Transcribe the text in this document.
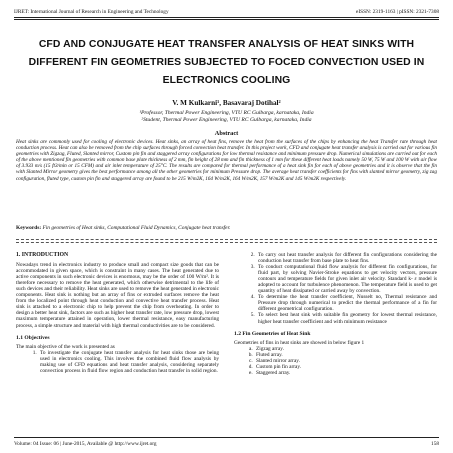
IJRET: International Journal of Research in Engineering and Technology	eISSN: 2319-1163 | pISSN: 2321-7308
CFD AND CONJUGATE HEAT TRANSFER ANALYSIS OF HEAT SINKS WITH DIFFERENT FIN GEOMETRIES SUBJECTED TO FOCED CONVECTION USED IN ELECTRONICS COOLING
V. M Kulkarni¹, Basavaraj Dotihal²
¹Professor, Thermal Power Engineering, VTU RC Gulbarga, karnataka, India
²Student, Thermal Power Engineering, VTU RC Gulbarga, karnataka, India
Abstract
Heat sinks are commonly used for cooling of electronic devices. Heat sinks, an array of heat fins, remove the heat from the surfaces of the chips by enhancing the heat Transfer rate through heat conduction process. Heat can also be removed from the chip surfaces through forced convection heat transfer. In this project work, CFD and conjugate heat transfer analysis is carried out for various fin geometries with Zigzag, Fluted, Slanted mirror, Custom pin fin and staggered array configurations for low thermal resistance and minimum pressure drop. Numerical simulations are carried out for each of the above mentioned fin geometries with common base plate thickness of 2 mm, fin height of 28 mm and fin thickness of 1 mm for these different heat loads namely 50 W, 75 W and 100 W with air flow of 3.933 m/s (15 ft3/min or 15 CFM) and air inlet temperature of 25°C. The results are compared for thermal performance of a heat sink fin for each of above geometries and it is observe that the fin with Slanted Mirror geometry gives the best performance among all the other geometries for minimum Pressure drop. The average heat transfer coefficients for fins with slanted mirror geometry, zig zag configuration, fluted type, custom pin fin and staggered array are found to be 215 W/m2K, 164 W/m2K, 164 W/m2K, 157 W/m2K and 145 W/m2K respectively.
Keywords: Fin geometries of Heat sinks, Computational Fluid Dynamics, Conjugate heat transfer.
1. INTRODUCTION

Nowadays trend in electronics industry to produce small and compact size goods that can be accommodated in given space, which is constraint in many cases. The heat generated due to active components in such electronic devices is enormous, may be the order of 100 W/m². It is therefore necessary to remove the heat generated, which otherwise detrimental to the life of such devices and their reliability. Heat sinks are used to remove the heat generated in electronic components. Heat sink is nothing but an array of fins or extruded surfaces remove the heat from the localized point through heat conduction and convective heat transfer process. Heat sink is attached to a electronic chip to help prevent the chip from overheating. In order to design a better heat sink, factors are such as higher heat transfer rate, low pressure drop, lowest maximum temperature attained in operation, lower thermal resistance, easy manufacturing process, a simple structure and material with high thermal conductivities are to be considered.

1.1 Objectives

The main objective of the work is presented as

1. To investigate the conjugate heat transfer analysis for heat sinks those are being used in electronics cooling. This involves the combined fluid flow analysis by making use of CFD equations and heat transfer analysis, considering separately convection process in fluid flow region and conduction heat transfer in solid region.
2. To carry out heat transfer analysis for different fin configurations considering the conduction heat transfer from base plate to heat fins.
3. To conduct computational fluid flow analysis for different fin configurations, for fluid part, by solving Navier-Stroke equations to get velocity vectors, pressure contours and temperature fields for given inlet air velocity. Standard k- ε model is adopted to account for turbulence phenomenon. The temperature field is used to get quantity of heat dissipated or carried away by convection.
4. To determine the heat transfer coefficient, Nusselt no, Thermal resistance and Pressure drop through numerical to predict the thermal performance of a fin for different geometrical configuration.
5. To select best heat sink with suitable fin geometry for lowest thermal resistance, higher heat transfer coefficient and with minimum resistance
1.2 Fin Geometries of Heat Sink

Geometries of fins in heat sinks are showed in below figure 1

a. Zigzag array.
b. Fluted array.
c. Slanted mirror array.
d. Custom pin fin array.
e. Staggered array.
Volume: 04 Issue: 06 | June-2015, Available @ http://www.ijret.org	158
